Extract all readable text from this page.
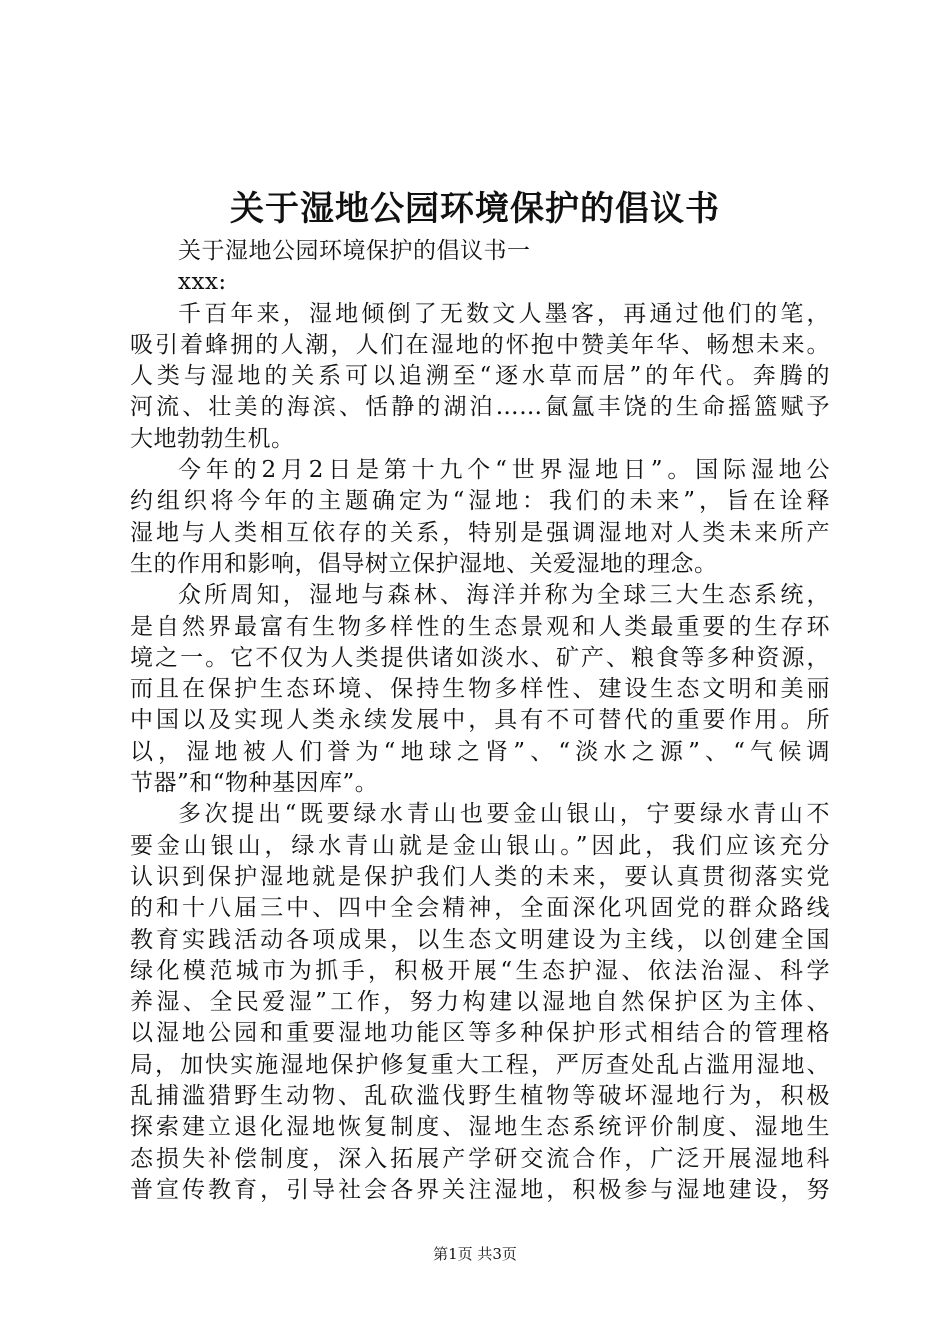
关于湿地公园环境保护的倡议书
关于湿地公园环境保护的倡议书一
xxx:
千百年来，湿地倾倒了无数文人墨客，再通过他们的笔，
吸引着蜂拥的人潮，人们在湿地的怀抱中赞美年华、畅想未来。
人类与湿地的关系可以追溯至“逐水草而居”的年代。奔腾的
河流、壮美的海滨、恬静的湖泊……氤氲丰饶的生命摇篮赋予
大地勃勃生机。
今年的2月2日是第十九个“世界湿地日”。国际湿地公
约组织将今年的主题确定为“湿地：我们的未来”，旨在诠释
湿地与人类相互依存的关系，特别是强调湿地对人类未来所产
生的作用和影响，倡导树立保护湿地、关爱湿地的理念。
众所周知，湿地与森林、海洋并称为全球三大生态系统，
是自然界最富有生物多样性的生态景观和人类最重要的生存环
境之一。它不仅为人类提供诸如淡水、矿产、粮食等多种资源，
而且在保护生态环境、保持生物多样性、建设生态文明和美丽
中国以及实现人类永续发展中，具有不可替代的重要作用。所
以，湿地被人们誉为“地球之肾”、“淡水之源”、“气候调
节器”和“物种基因库”。
多次提出“既要绿水青山也要金山银山，宁要绿水青山不
要金山银山，绿水青山就是金山银山。”因此，我们应该充分
认识到保护湿地就是保护我们人类的未来，要认真贯彻落实党
的和十八届三中、四中全会精神，全面深化巩固党的群众路线
教育实践活动各项成果，以生态文明建设为主线，以创建全国
绿化模范城市为抓手，积极开展“生态护湿、依法治湿、科学
养湿、全民爱湿”工作，努力构建以湿地自然保护区为主体、
以湿地公园和重要湿地功能区等多种保护形式相结合的管理格
局，加快实施湿地保护修复重大工程，严厉查处乱占滥用湿地、
乱捕滥猎野生动物、乱砍滥伐野生植物等破坏湿地行为，积极
探索建立退化湿地恢复制度、湿地生态系统评价制度、湿地生
态损失补偿制度，深入拓展产学研交流合作，广泛开展湿地科
普宣传教育，引导社会各界关注湿地，积极参与湿地建设，努
第1页 共3页
